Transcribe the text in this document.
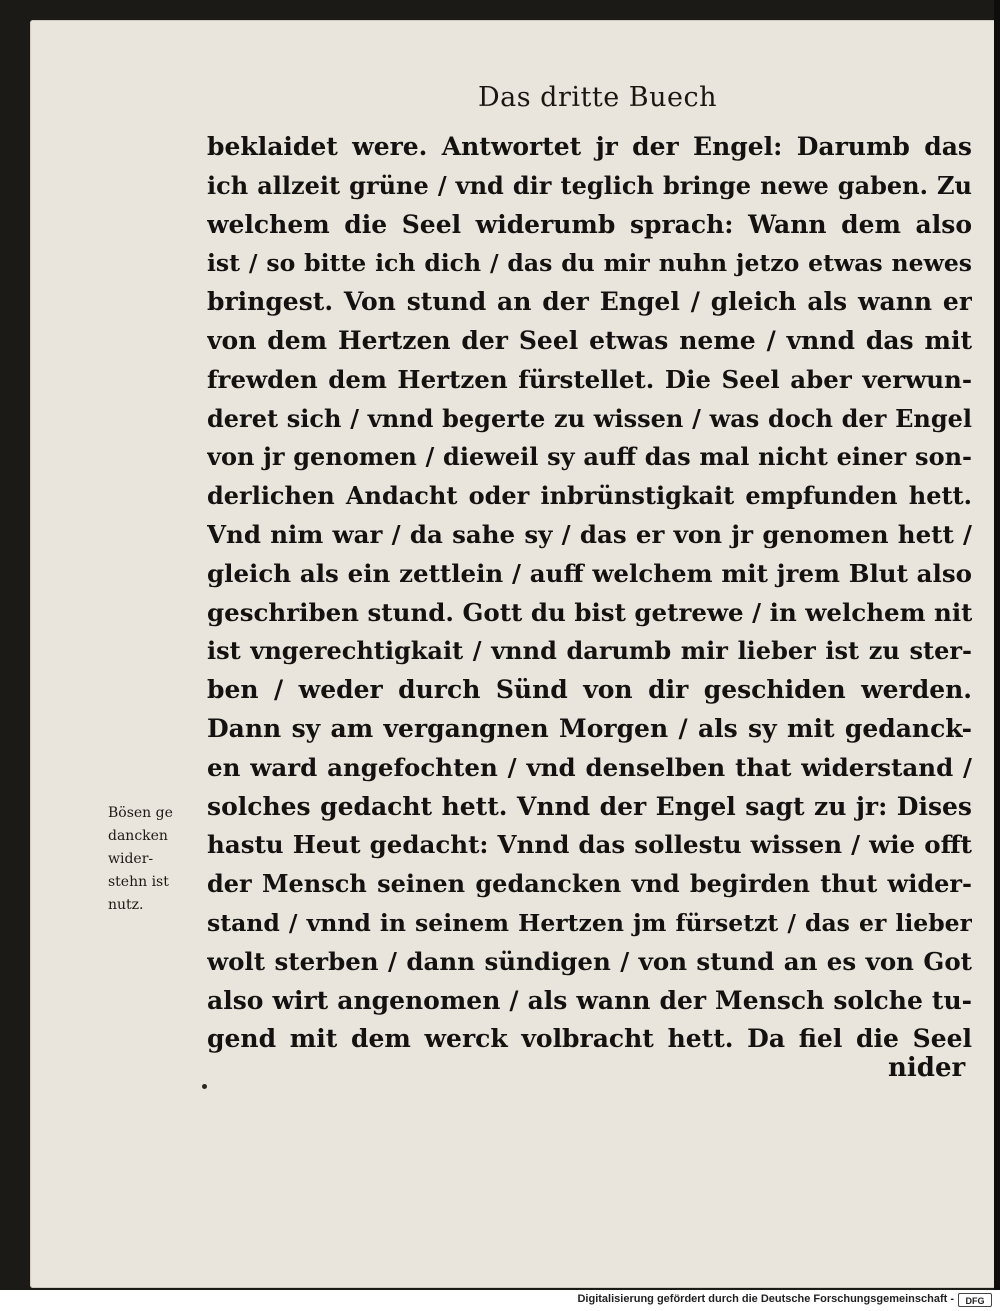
Das dritte Buech
beklaidet were. Antwortet jr der Engel: Darumb das
ich allzeit grüne / vnd dir teglich bringe newe gaben. Zu
welchem die Seel widerumb sprach: Wann dem also
ist / so bitte ich dich / das du mir nuhn jetzo etwas newes
bringest. Von stund an der Engel / gleich als wann er
von dem Hertzen der Seel etwas neme / vnnd das mit
frewden dem Hertzen fürstellet. Die Seel aber verwun-
deret sich / vnnd begerte zu wissen / was doch der Engel
von jr genomen / dieweil sy auff das mal nicht einer son-
derlichen Andacht oder inbrünstigkait empfunden hett.
Vnd nim war / da sahe sy / das er von jr genomen hett /
gleich als ein zettlein / auff welchem mit jrem Blut also
geschriben stund. Gott du bist getrewe / in welchem nit
ist vngerechtigkait / vnnd darumb mir lieber ist zu ster-
ben / weder durch Sünd von dir geschiden werden.
Dann sy am vergangnen Morgen / als sy mit gedanck-
en ward angefochten / vnd denselben that widerstand /
solches gedacht hett. Vnnd der Engel sagt zu jr: Dises
hastu Heut gedacht: Vnnd das sollestu wissen / wie offt
der Mensch seinen gedancken vnd begirden thut wider-
stand / vnnd in seinem Hertzen jm fürsetzt / das er lieber
wolt sterben / dann sündigen / von stund an es von Got
also wirt angenomen / als wann der Mensch solche tu-
gend mit dem werck volbracht hett. Da fiel die Seel
nider
Bösen ge
dancken
wider-
stehn ist
nutz.
Digitalisierung gefördert durch die Deutsche Forschungsgemeinschaft -	DFG
